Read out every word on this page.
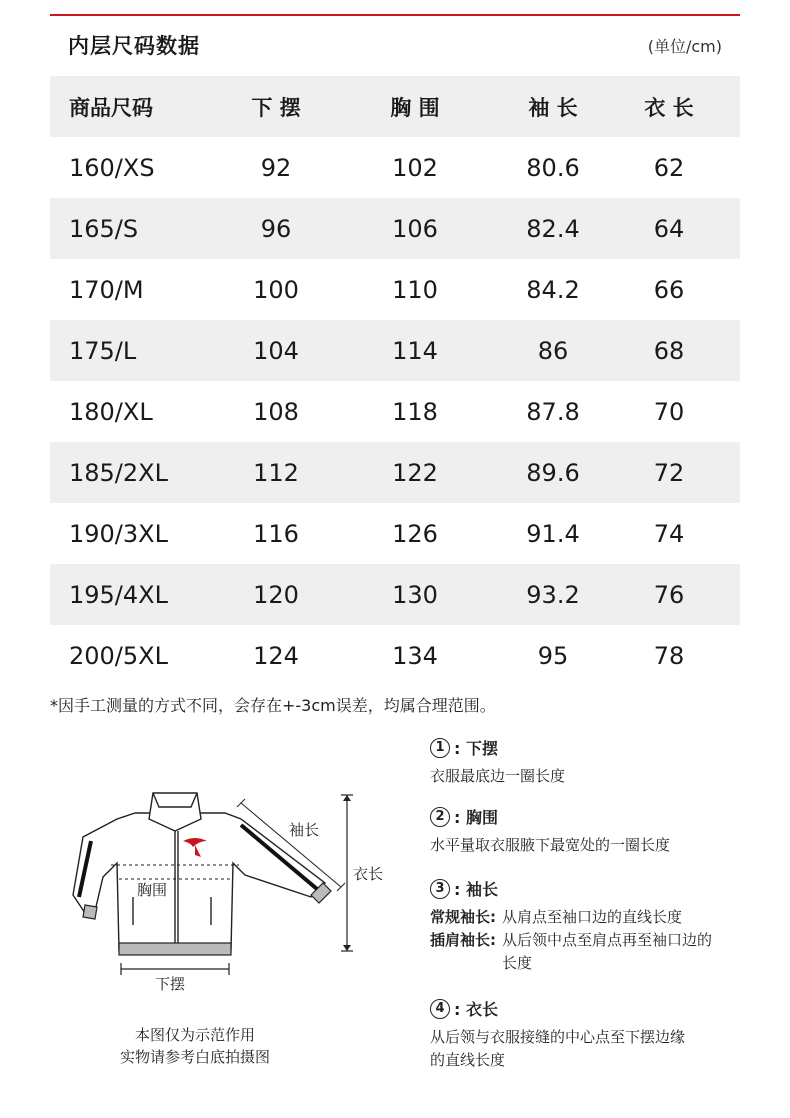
内层尺码数据	(单位/cm)
商品尺码	下 摆	胸 围	袖 长	衣 长
160/XS	92	102	80.6	62
165/S	96	106	82.4	64
170/M	100	110	84.2	66
175/L	104	114	86	68
180/XL	108	118	87.8	70
185/2XL	112	122	89.6	72
190/3XL	116	126	91.4	74
195/4XL	120	130	93.2	76
200/5XL	124	134	95	78
*因手工测量的方式不同，会存在+-3cm误差，均属合理范围。
袖长
衣长
胸围
下摆
本图仅为示范作用
实物请参考白底拍摄图
1 : 下摆
衣服最底边一圈长度
2 : 胸围
水平量取衣服腋下最宽处的一圈长度
3 : 袖长
常规袖长: 从肩点至袖口边的直线长度
插肩袖长: 从后领中点至肩点再至袖口边的长度
4 : 衣长
从后领与衣服接缝的中心点至下摆边缘
的直线长度
